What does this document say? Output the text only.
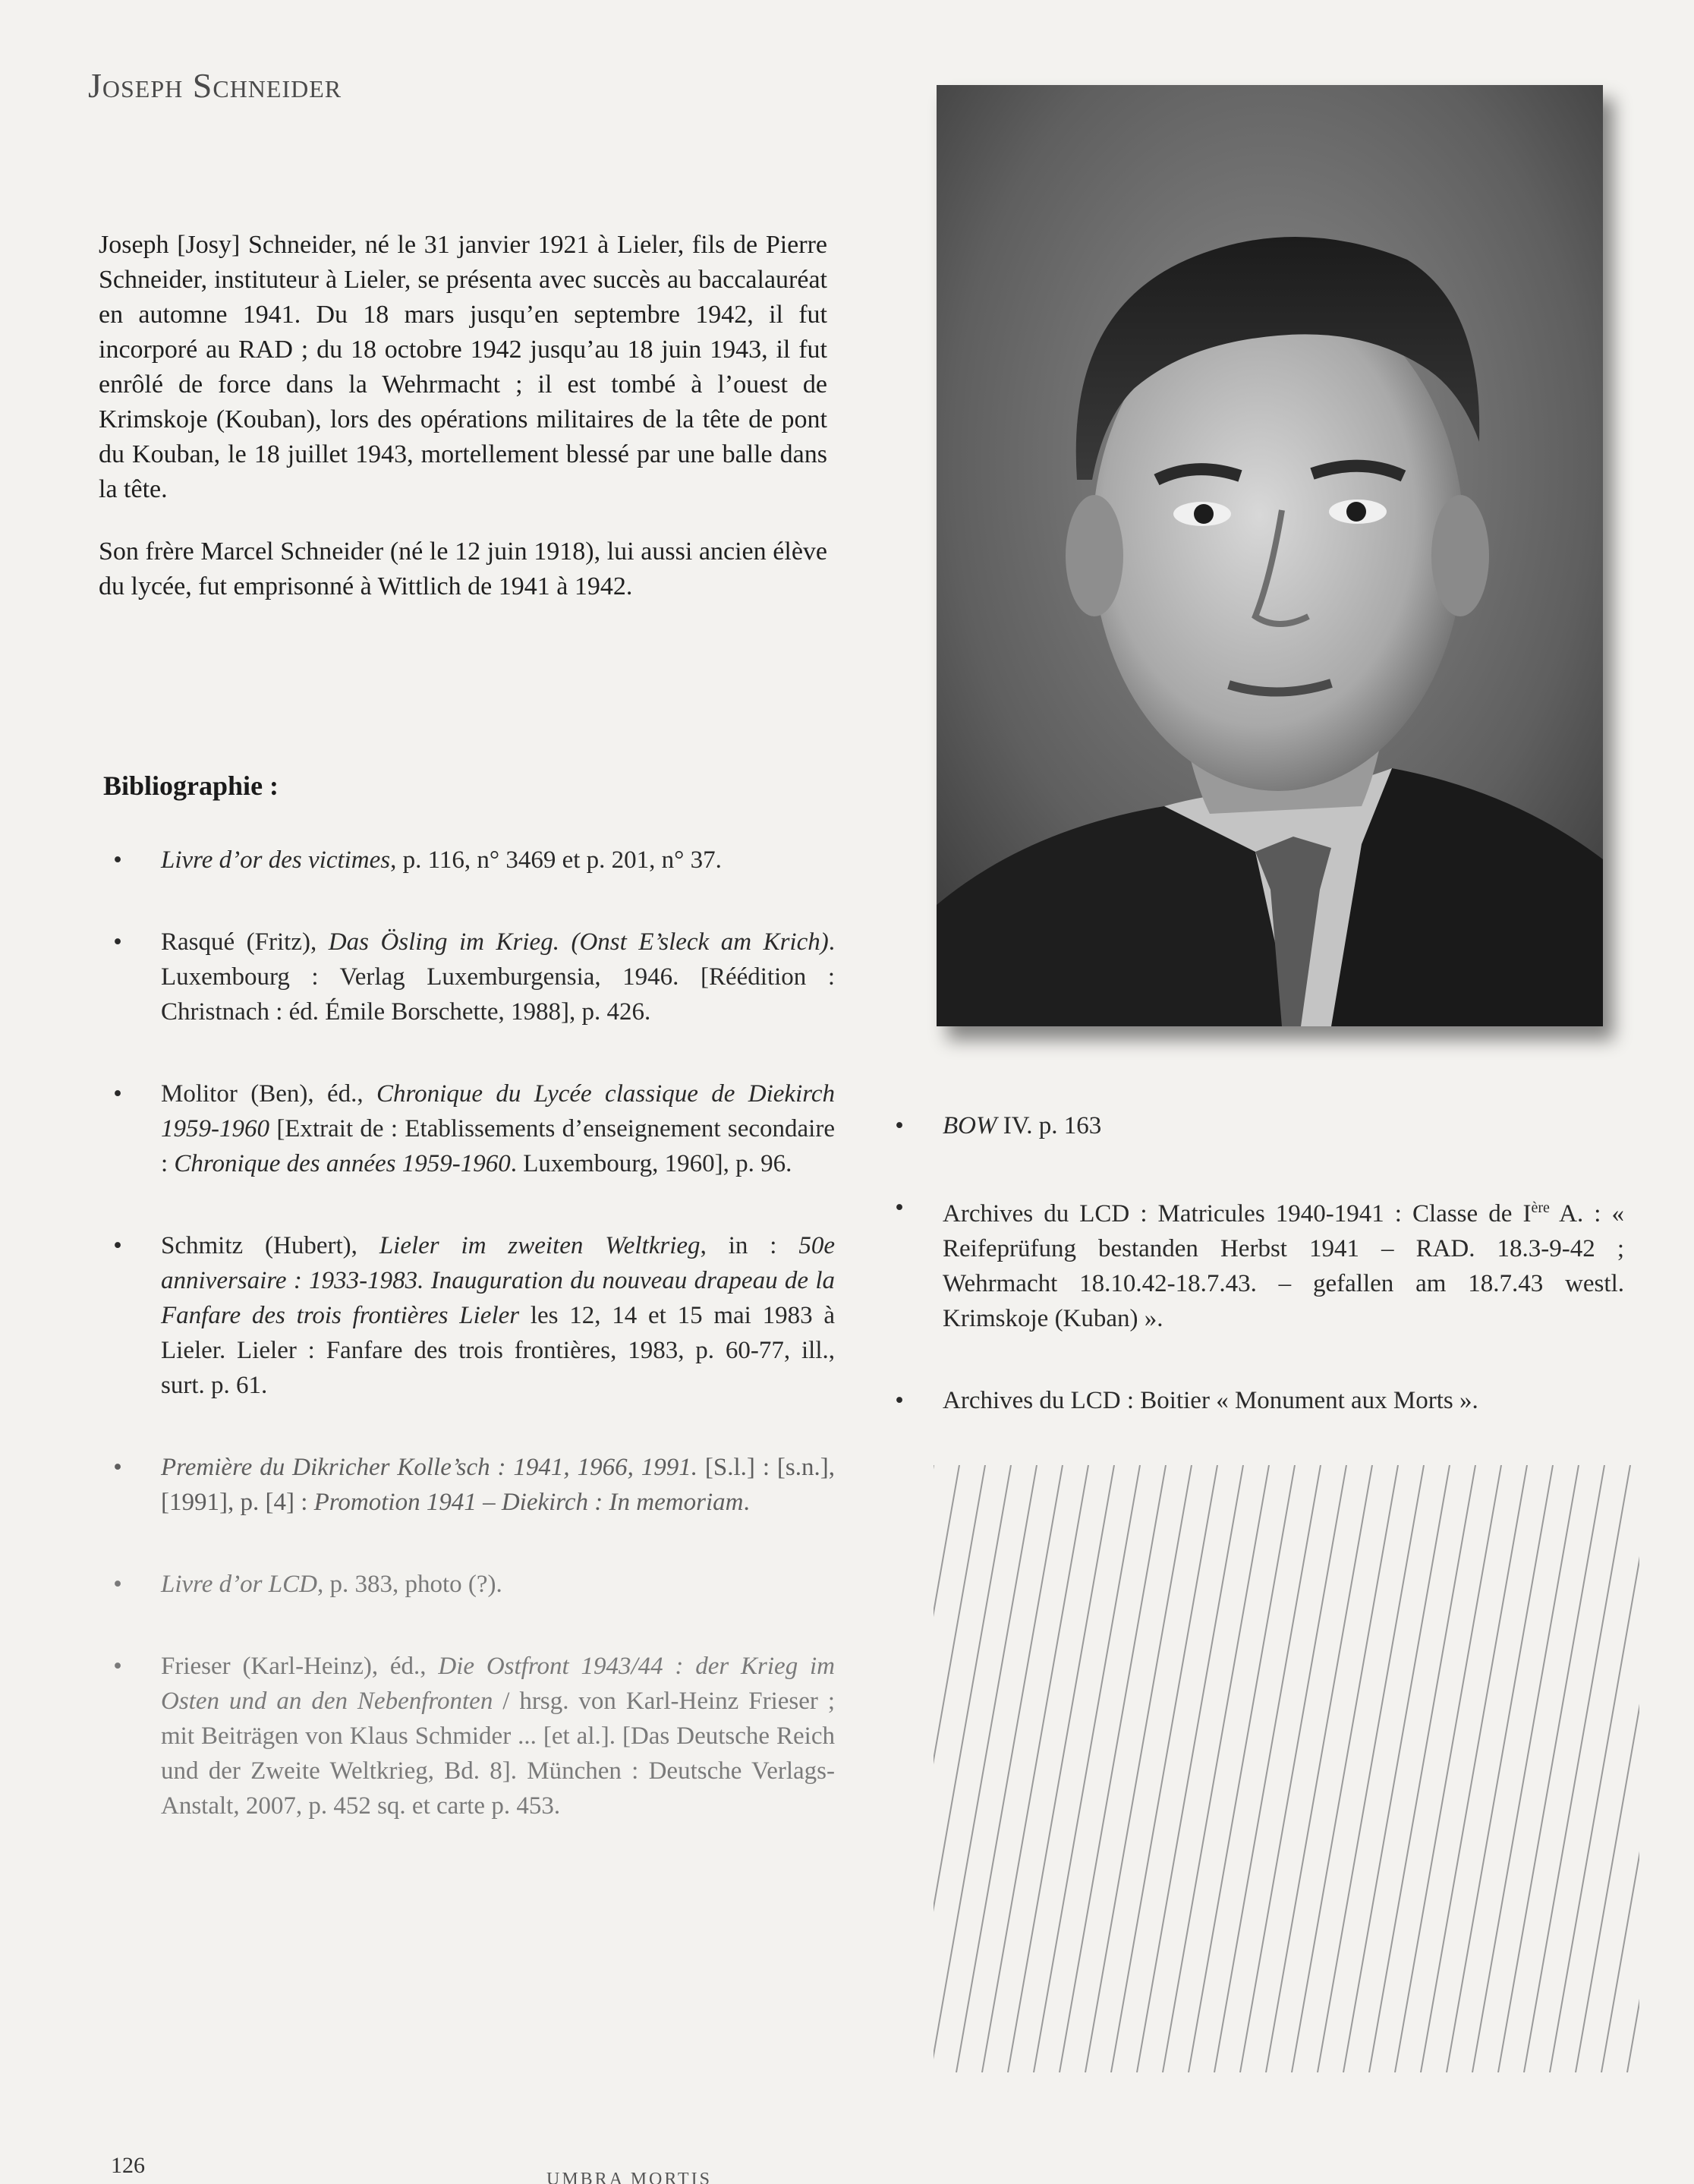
Joseph Schneider

Joseph [Josy] Schneider, né le 31 janvier 1921 à Lieler, fils de Pierre Schneider, instituteur à Lieler, se présenta avec succès au baccalauréat en automne 1941. Du 18 mars jusqu’en septembre 1942, il fut incorporé au RAD ; du 18 octobre 1942 jusqu’au 18 juin 1943, il fut enrôlé de force dans la Wehrmacht ; il est tombé à l’ouest de Krimskoje (Kouban), lors des opérations militaires de la tête de pont du Kouban, le 18 juillet 1943, mortellement blessé par une balle dans la tête.

Son frère Marcel Schneider (né le 12 juin 1918), lui aussi ancien élève du lycée, fut emprisonné à Wittlich de 1941 à 1942.

Bibliographie :
• Livre d’or des victimes, p. 116, n° 3469 et p. 201, n° 37.
• Rasqué (Fritz), Das Ösling im Krieg. (Onst E’sleck am Krich). Luxembourg : Verlag Luxemburgensia, 1946. [Réédition : Christnach : éd. Émile Borschette, 1988], p. 426.
• Molitor (Ben), éd., Chronique du Lycée classique de Diekirch 1959-1960 [Extrait de : Etablissements d’enseignement secondaire : Chronique des années 1959-1960. Luxembourg, 1960], p. 96.
• Schmitz (Hubert), Lieler im zweiten Weltkrieg, in : 50e anniversaire : 1933-1983. Inauguration du nouveau drapeau de la Fanfare des trois frontières Lieler les 12, 14 et 15 mai 1983 à Lieler. Lieler : Fanfare des trois frontières, 1983, p. 60-77, ill., surt. p. 61.
• Première du Dikricher Kolle’sch : 1941, 1966, 1991. [S.l.] : [s.n.], [1991], p. [4] : Promotion 1941 – Diekirch : In memoriam.
• Livre d’or LCD, p. 383, photo (?).
• Frieser (Karl-Heinz), éd., Die Ostfront 1943/44 : der Krieg im Osten und an den Nebenfronten / hrsg. von Karl-Heinz Frieser ; mit Beiträgen von Klaus Schmider ... [et al.]. [Das Deutsche Reich und der Zweite Weltkrieg, Bd. 8]. München : Deutsche Verlags-Anstalt, 2007, p. 452 sq. et carte p. 453.
• BOW IV. p. 163
• Archives du LCD : Matricules 1940-1941 : Classe de Ière A. : « Reifeprüfung bestanden Herbst 1941 – RAD. 18.3-9-42 ; Wehrmacht 18.10.42-18.7.43. – gefallen am 18.7.43 westl. Krimskoje (Kuban) ».
• Archives du LCD : Boitier « Monument aux Morts ».
126
UMBRA MORTIS
